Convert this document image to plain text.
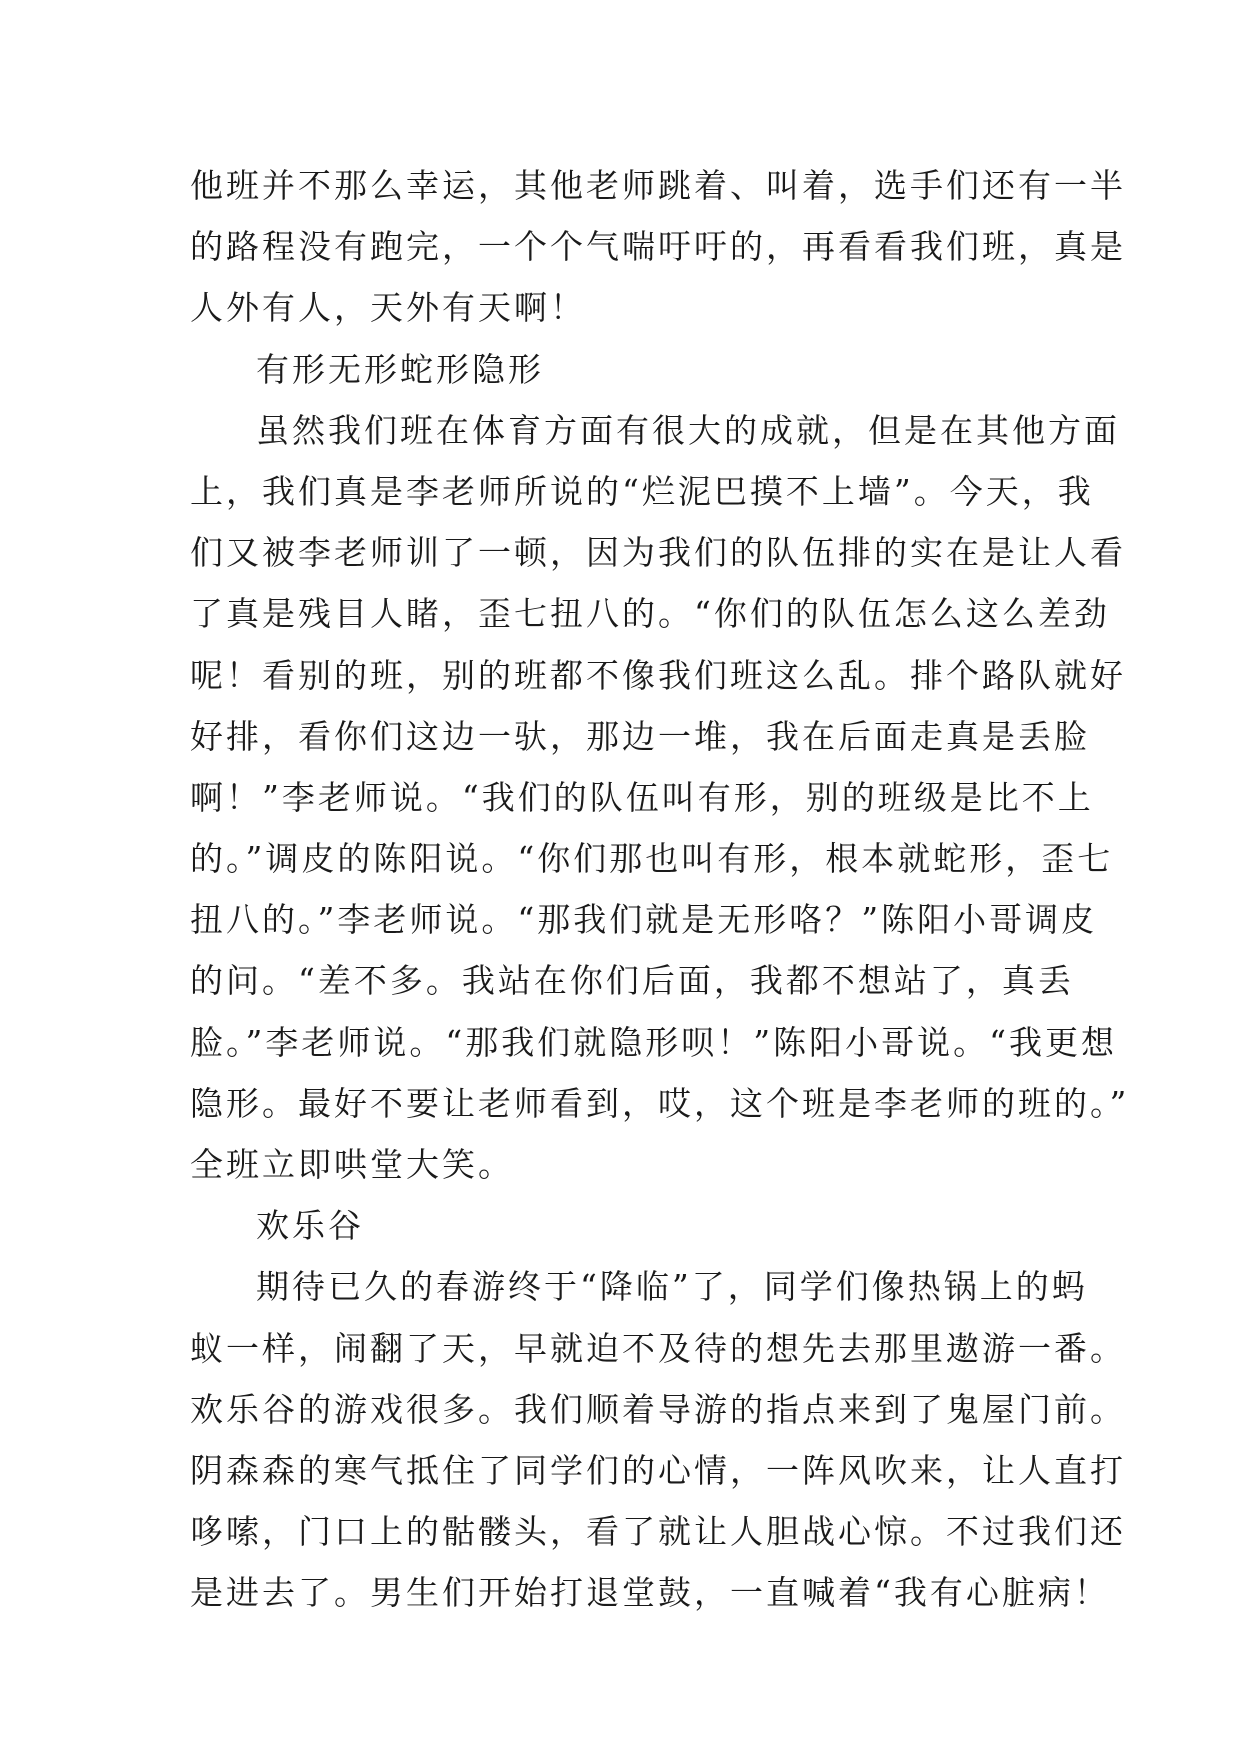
他班并不那么幸运，其他老师跳着、叫着，选手们还有一半
的路程没有跑完，一个个气喘吁吁的，再看看我们班，真是
人外有人，天外有天啊！
有形无形蛇形隐形
虽然我们班在体育方面有很大的成就，但是在其他方面
上，我们真是李老师所说的“烂泥巴摸不上墙”。今天，我
们又被李老师训了一顿，因为我们的队伍排的实在是让人看
了真是残目人睹，歪七扭八的。“你们的队伍怎么这么差劲
呢！看别的班，别的班都不像我们班这么乱。排个路队就好
好排，看你们这边一驮，那边一堆，我在后面走真是丢脸
啊！”李老师说。“我们的队伍叫有形，别的班级是比不上
的。”调皮的陈阳说。“你们那也叫有形，根本就蛇形，歪七
扭八的。”李老师说。“那我们就是无形咯？”陈阳小哥调皮
的问。“差不多。我站在你们后面，我都不想站了，真丢
脸。”李老师说。“那我们就隐形呗！”陈阳小哥说。“我更想
隐形。最好不要让老师看到，哎，这个班是李老师的班的。”
全班立即哄堂大笑。
欢乐谷
期待已久的春游终于“降临”了，同学们像热锅上的蚂
蚁一样，闹翻了天，早就迫不及待的想先去那里遨游一番。
欢乐谷的游戏很多。我们顺着导游的指点来到了鬼屋门前。
阴森森的寒气抵住了同学们的心情，一阵风吹来，让人直打
哆嗦，门口上的骷髅头，看了就让人胆战心惊。不过我们还
是进去了。男生们开始打退堂鼓，一直喊着“我有心脏病！
